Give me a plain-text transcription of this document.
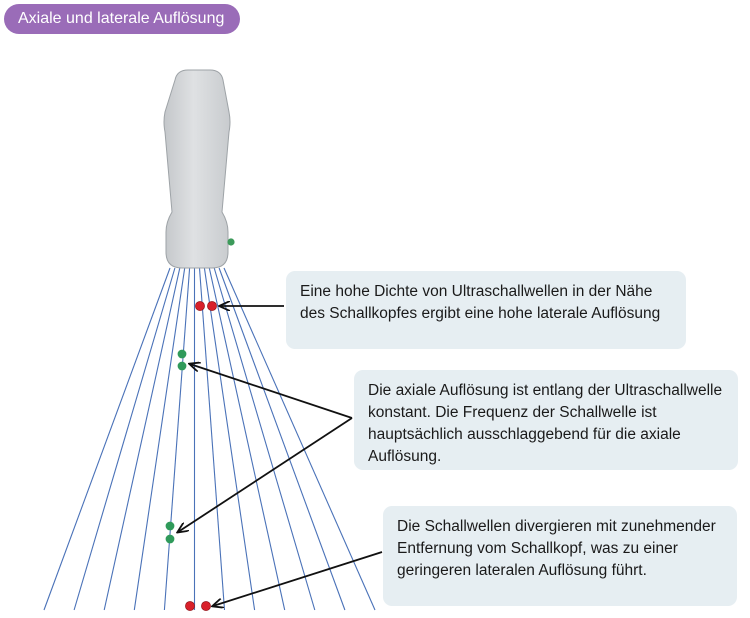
Axiale und laterale Auflösung
Eine hohe Dichte von Ultraschallwellen in der Nähe des Schallkopfes ergibt eine hohe laterale Auflösung
Die axiale Auflösung ist entlang der Ultraschallwelle konstant. Die Frequenz der Schallwelle ist hauptsächlich ausschlaggebend für die axiale Auflösung.
Die Schallwellen divergieren mit zunehmender Entfernung vom Schallkopf, was zu einer geringeren lateralen Auflösung führt.
